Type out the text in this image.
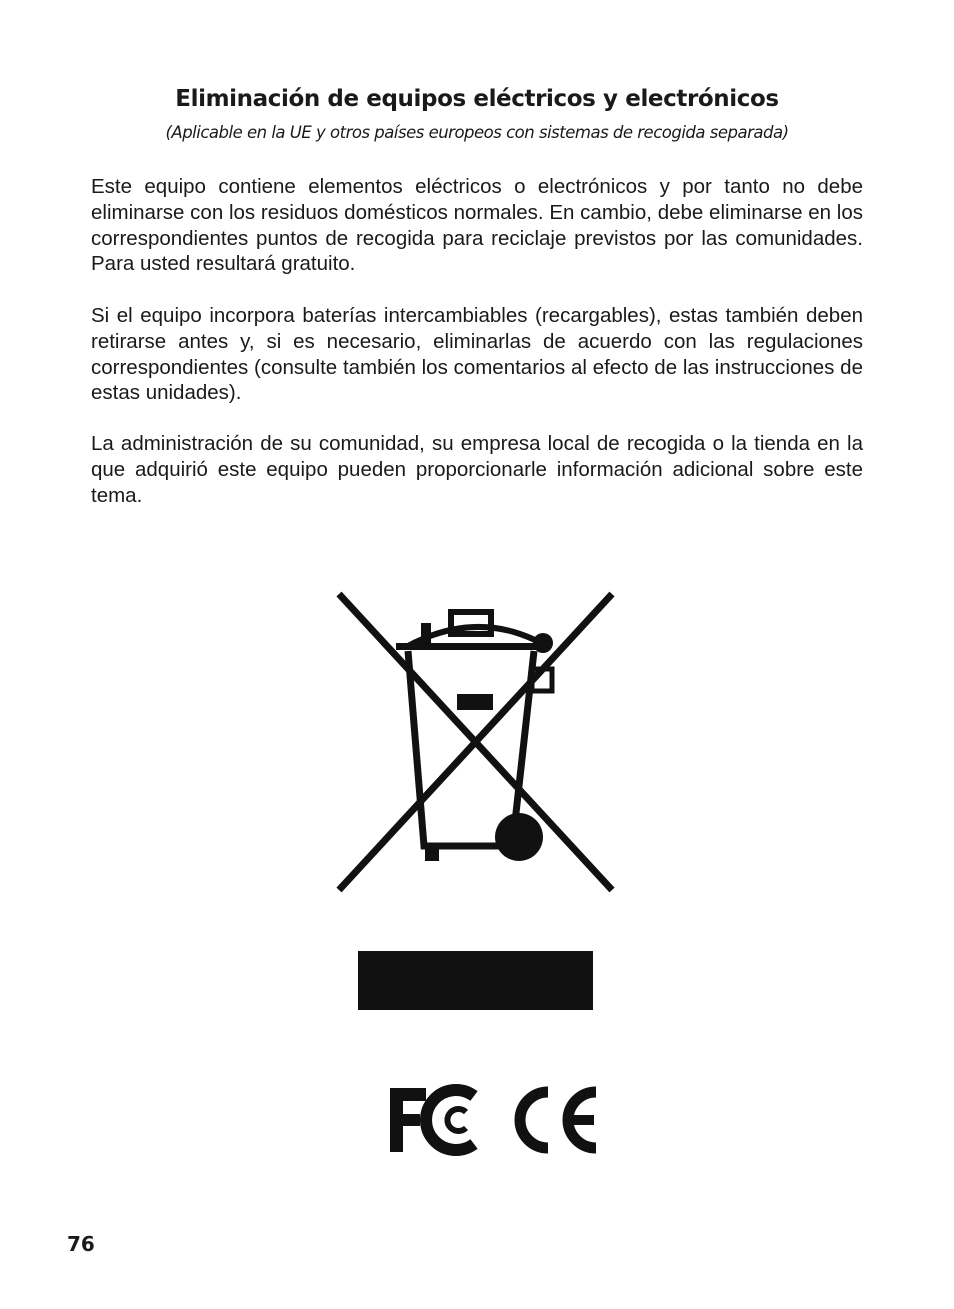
Eliminación de equipos eléctricos y electrónicos

(Aplicable en la UE y otros países europeos con sistemas de recogida separada)

Este equipo contiene elementos eléctricos o electrónicos y por tanto no debe eliminarse con los residuos domésticos normales. En cambio, debe eliminarse en los correspondientes puntos de recogida para reciclaje previstos por las comunidades. Para usted resultará gratuito.

Si el equipo incorpora baterías intercambiables (recargables), estas también deben retirarse antes y, si es necesario, eliminarlas de acuerdo con las regulaciones correspondientes (consulte también los comentarios al efecto de las instrucciones de estas unidades).

La administración de su comunidad, su empresa local de recogida o la tienda en la que adquirió este equipo pueden proporcionarle información adicional sobre este tema.

76
